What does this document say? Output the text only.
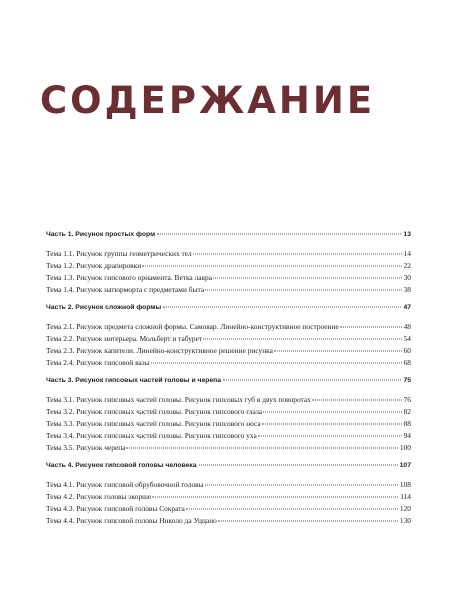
СОДЕРЖАНИЕ
Часть 1. Рисунок простых форм	13
Тема 1.1. Рисунок группы геометрических тел	14
Тема 1.2. Рисунок драпировки	22
Тема 1.3. Рисунок гипсового орнамента. Ветка лавра	30
Тема 1.4. Рисунок натюрморта с предметами быта	38
Часть 2. Рисунок сложной формы	47
Тема 2.1. Рисунок предмета сложной формы. Самовар. Линейно-конструктивное построение	48
Тема 2.2. Рисунок интерьера. Мольберт и табурет	54
Тема 2.3. Рисунок капители. Линейно-конструктивное решение рисунка	60
Тема 2.4. Рисунок гипсовой вазы	68
Часть 3. Рисунок гипсовых частей головы и черепа	75
Тема 3.1. Рисунок гипсовых частей головы. Рисунок гипсовых губ в двух поворотах	76
Тема 3.2. Рисунок гипсовых частей головы. Рисунок гипсового глаза	82
Тема 3.3. Рисунок гипсовых частей головы. Рисунок гипсового носа	88
Тема 3.4. Рисунок гипсовых частей головы. Рисунок гипсового уха	94
Тема 3.5. Рисунок черепа	100
Часть 4. Рисунок гипсовой головы человека	107
Тема 4.1. Рисунок гипсовой обрубовочной головы	108
Тема 4.2. Рисунок головы экорше	114
Тема 4.3. Рисунок гипсовой головы Сократа	120
Тема 4.4. Рисунок гипсовой головы Николо да Уццано	130
